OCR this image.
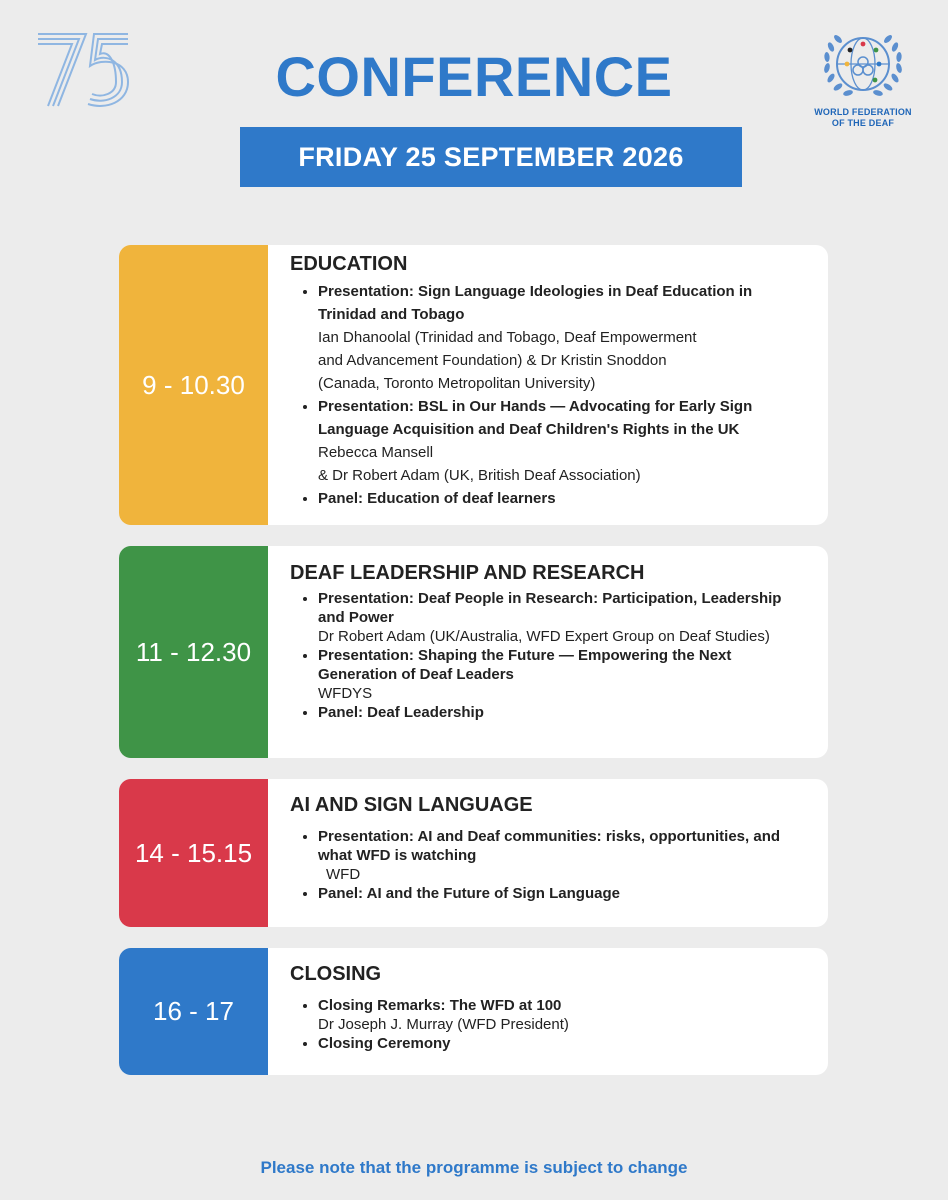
WORLD FEDERATION
OF THE DEAF
CONFERENCE
FRIDAY 25 SEPTEMBER 2026
9 - 10.30
EDUCATION
• Presentation: Sign Language Ideologies in Deaf Education in Trinidad and Tobago
Ian Dhanoolal (Trinidad and Tobago, Deaf Empowerment
and Advancement Foundation) & Dr Kristin Snoddon
(Canada, Toronto Metropolitan University)
• Presentation: BSL in Our Hands — Advocating for Early Sign Language Acquisition and Deaf Children's Rights in the UK
Rebecca Mansell
& Dr Robert Adam (UK, British Deaf Association)
• Panel: Education of deaf learners
11 - 12.30
DEAF LEADERSHIP AND RESEARCH
• Presentation: Deaf People in Research: Participation, Leadership and Power
Dr Robert Adam (UK/Australia, WFD Expert Group on Deaf Studies)
• Presentation: Shaping the Future — Empowering the Next Generation of Deaf Leaders
WFDYS
• Panel: Deaf Leadership
14 - 15.15
AI AND SIGN LANGUAGE
• Presentation: AI and Deaf communities: risks, opportunities, and what WFD is watching
WFD
• Panel: AI and the Future of Sign Language
16 - 17
CLOSING
• Closing Remarks: The WFD at 100
Dr Joseph J. Murray (WFD President)
• Closing Ceremony
Please note that the programme is subject to change
